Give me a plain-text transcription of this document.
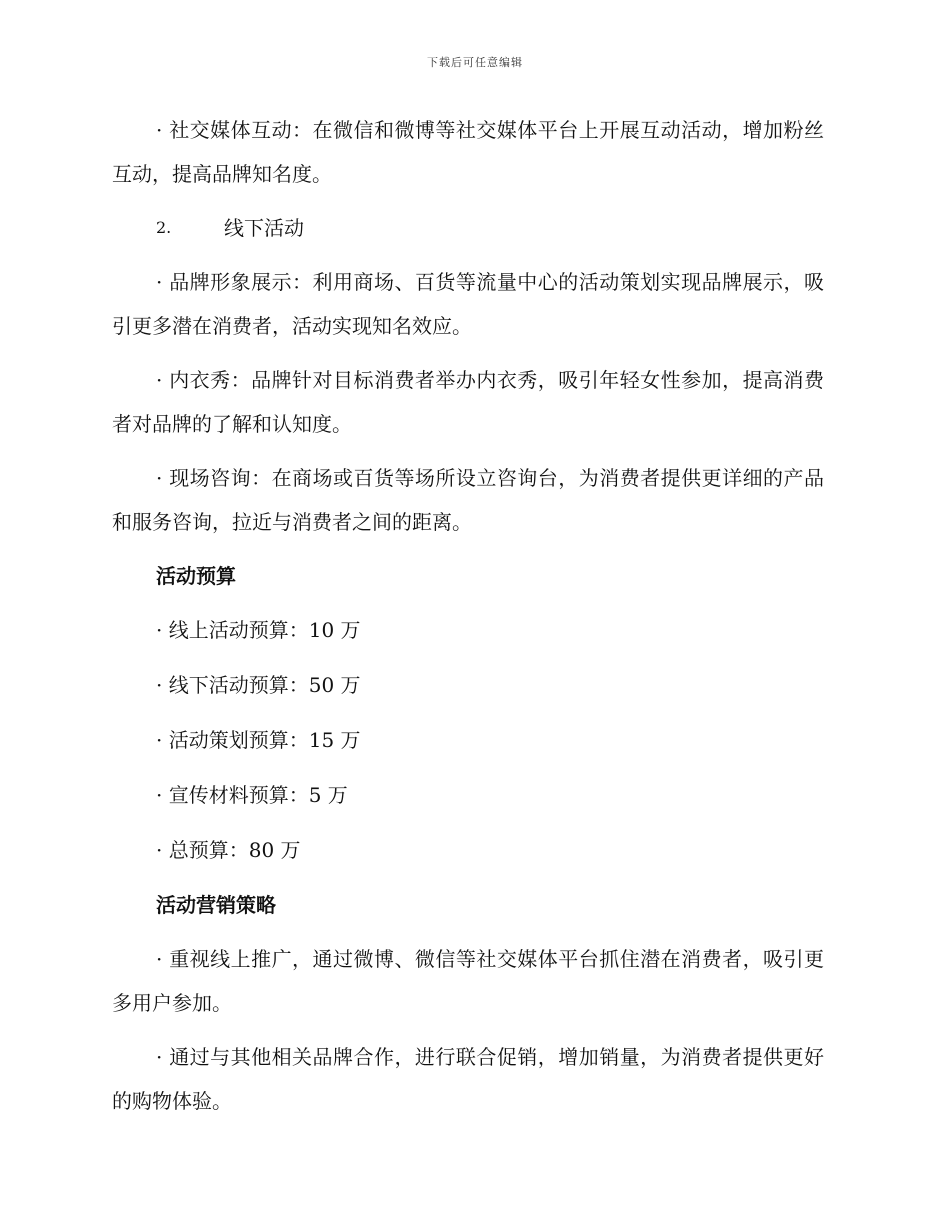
下载后可任意编辑

· 社交媒体互动：在微信和微博等社交媒体平台上开展互动活动，增加粉丝互动，提高品牌知名度。

2.	线下活动

· 品牌形象展示：利用商场、百货等流量中心的活动策划实现品牌展示，吸引更多潜在消费者，活动实现知名效应。

· 内衣秀：品牌针对目标消费者举办内衣秀，吸引年轻女性参加，提高消费者对品牌的了解和认知度。

· 现场咨询：在商场或百货等场所设立咨询台，为消费者提供更详细的产品和服务咨询，拉近与消费者之间的距离。

活动预算
· 线上活动预算：10 万
· 线下活动预算：50 万
· 活动策划预算：15 万
· 宣传材料预算：5 万
· 总预算：80 万
活动营销策略

· 重视线上推广，通过微博、微信等社交媒体平台抓住潜在消费者，吸引更多用户参加。

· 通过与其他相关品牌合作，进行联合促销，增加销量，为消费者提供更好的购物体验。
